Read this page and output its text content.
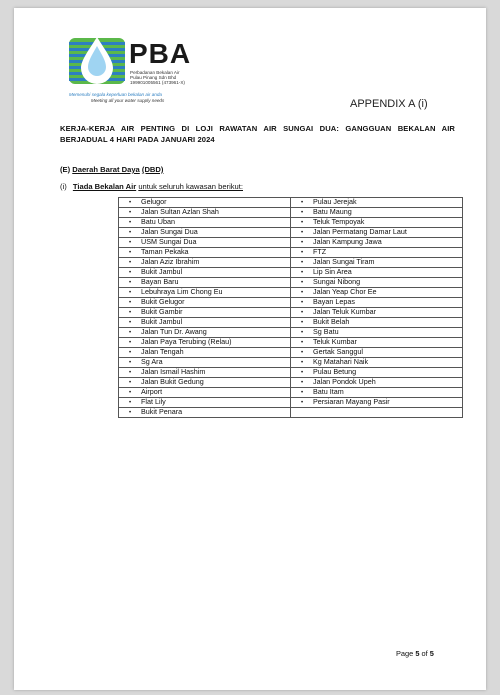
PBA
Perbadanan Bekalan Air
Pulau Pinang Sdn Bhd
199901005561 (473961-X)
Memenuhi segala keperluan bekalan air anda
Meeting all your water supply needs	APPENDIX A (i)
KERJA-KERJA AIR PENTING DI LOJI RAWATAN AIR SUNGAI DUA: GANGGUAN BEKALAN AIR BERJADUAL 4 HARI PADA JANUARI 2024
(E) Daerah Barat Daya (DBD)
(i) Tiada Bekalan Air untuk seluruh kawasan berikut:
• Gelugor	• Pulau Jerejak
• Jalan Sultan Azlan Shah	• Batu Maung
• Batu Uban	• Teluk Tempoyak
• Jalan Sungai Dua	• Jalan Permatang Damar Laut
• USM Sungai Dua	• Jalan Kampung Jawa
• Taman Pekaka	• FTZ
• Jalan Aziz Ibrahim	• Jalan Sungai Tiram
• Bukit Jambul	• Lip Sin Area
• Bayan Baru	• Sungai Nibong
• Lebuhraya Lim Chong Eu	• Jalan Yeap Chor Ee
• Bukit Gelugor	• Bayan Lepas
• Bukit Gambir	• Jalan Teluk Kumbar
• Bukit Jambul	• Bukit Belah
• Jalan Tun Dr. Awang	• Sg Batu
• Jalan Paya Terubing (Relau)	• Teluk Kumbar
• Jalan Tengah	• Gertak Sanggul
• Sg Ara	• Kg Matahari Naik
• Jalan Ismail Hashim	• Pulau Betung
• Jalan Bukit Gedung	• Jalan Pondok Upeh
• Airport	• Batu Itam
• Flat Lily	• Persiaran Mayang Pasir
• Bukit Penara	
Page 5 of 5
